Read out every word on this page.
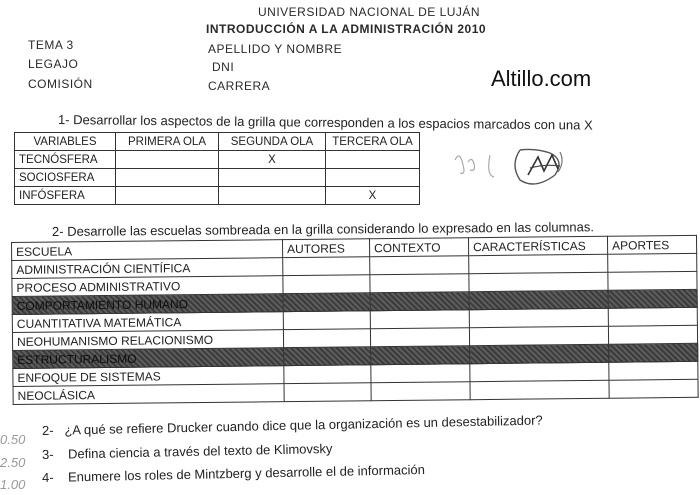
UNIVERSIDAD NACIONAL DE LUJÁN
INTRODUCCIÓN A LA ADMINISTRACIÓN 2010
TEMA 3
LEGAJO
COMISIÓN
APELLIDO Y NOMBRE
DNI
CARRERA	Altillo.com
1- Desarrollar los aspectos de la grilla que corresponden a los espacios marcados con una X
VARIABLES	PRIMERA OLA	SEGUNDA OLA	TERCERA OLA
TECNÓSFERA		X	
SOCIOSFERA			
INFÓSFERA			X
2- Desarrolle las escuelas sombreada en la grilla considerando lo expresado en las columnas.
ESCUELA	AUTORES	CONTEXTO	CARACTERÍSTICAS	APORTES
ADMINISTRACIÓN CIENTÍFICA				
PROCESO ADMINISTRATIVO				
COMPORTAMIENTO HUMANO				
CUANTITATIVA MATEMÁTICA				
NEOHUMANISMO RELACIONISMO				
ESTRUCTURALISMO				
ENFOQUE DE SISTEMAS				
NEOCLÁSICA				
0.50
2- ¿A qué se refiere Drucker cuando dice que la organización es un desestabilizador?
2.50
3- Defina ciencia a través del texto de Klimovsky
1.00 4- Enumere los roles de Mintzberg y desarrolle el de información
